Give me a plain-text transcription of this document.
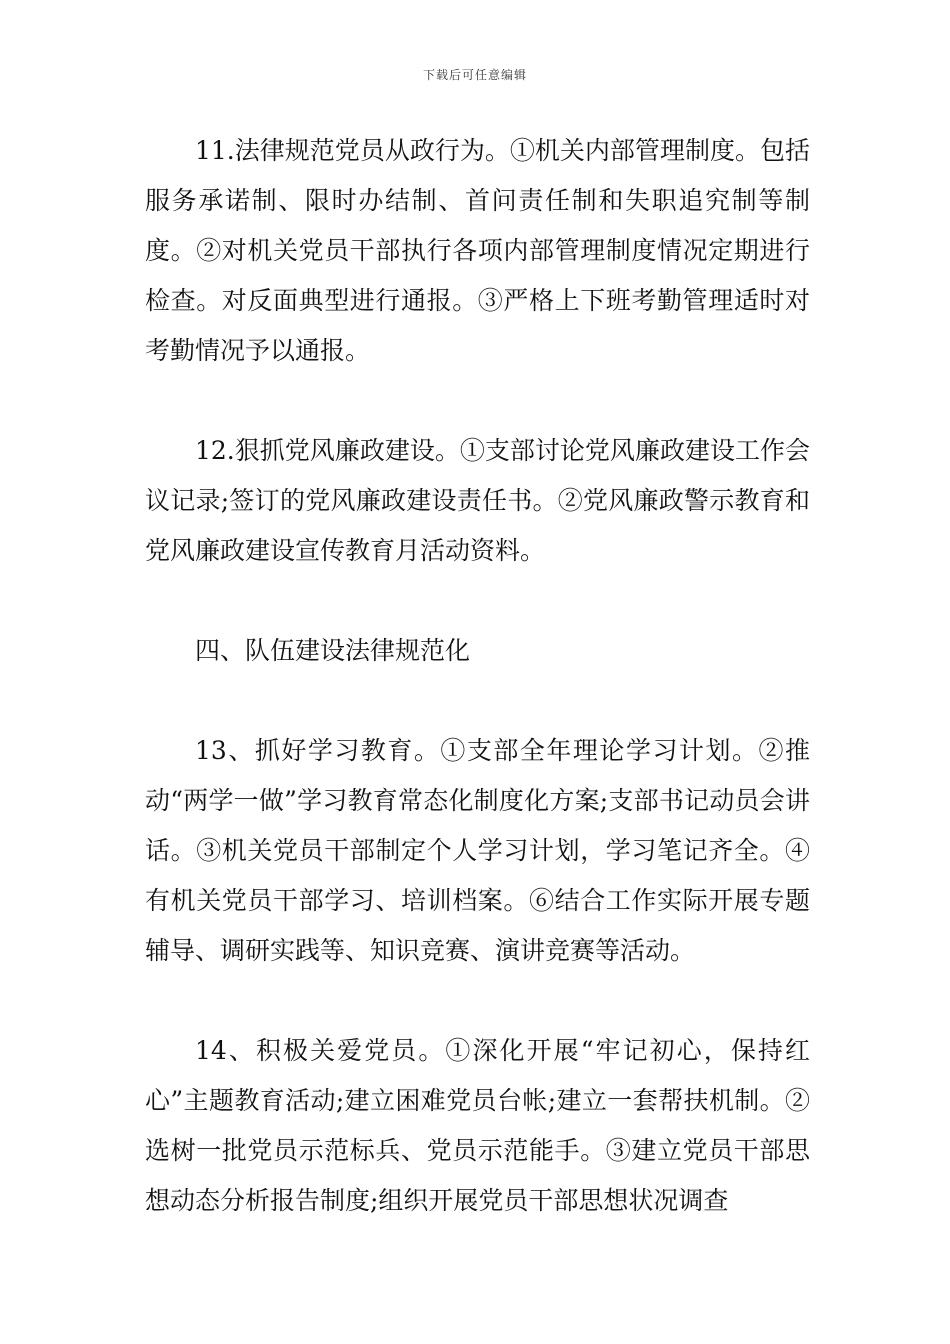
下载后可任意编辑

11.法律规范党员从政行为。①机关内部管理制度。包括服务承诺制、限时办结制、首问责任制和失职追究制等制度。②对机关党员干部执行各项内部管理制度情况定期进行检查。对反面典型进行通报。③严格上下班考勤管理适时对考勤情况予以通报。

12.狠抓党风廉政建设。①支部讨论党风廉政建设工作会议记录;签订的党风廉政建设责任书。②党风廉政警示教育和党风廉政建设宣传教育月活动资料。

四、队伍建设法律规范化

13、抓好学习教育。①支部全年理论学习计划。②推动“两学一做”学习教育常态化制度化方案;支部书记动员会讲话。③机关党员干部制定个人学习计划，学习笔记齐全。④有机关党员干部学习、培训档案。⑥结合工作实际开展专题辅导、调研实践等、知识竞赛、演讲竞赛等活动。

14、积极关爱党员。①深化开展“牢记初心，保持红心”主题教育活动;建立困难党员台帐;建立一套帮扶机制。②选树一批党员示范标兵、党员示范能手。③建立党员干部思想动态分析报告制度;组织开展党员干部思想状况调查
